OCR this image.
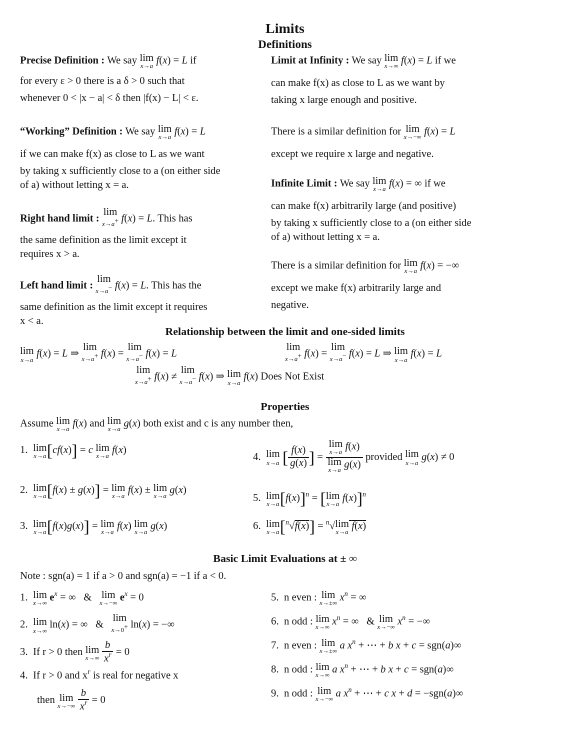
Limits
Definitions
Precise Definition : We say lim
x→a
f(x) = L if
for every ε > 0 there is a δ > 0 such that
whenever 0 < |x − a| < δ then |f(x) − L| < ε.
“Working” Definition : We say lim
x→a
f(x) = L
if we can make f(x) as close to L as we want
by taking x sufficiently close to a (on either side
of a) without letting x = a.
Right hand limit : lim
x→a+ f(x) = L. This has
the same definition as the limit except it
requires x > a.
Left hand limit : lim
x→a− f(x) = L. This has the
same definition as the limit except it requires
x < a.
Limit at Infinity : We say lim
x→∞
f(x) = L if we
can make f(x) as close to L as we want by
taking x large enough and positive.
There is a similar definition for lim
x→−∞
f(x) = L
except we require x large and negative.
Infinite Limit : We say lim
x→a
f(x) = ∞ if we
can make f(x) arbitrarily large (and positive)
by taking x sufficiently close to a (on either side
of a) without letting x = a.
There is a similar definition for lim
x→a
f(x) = −∞
except we make f(x) arbitrarily large and
negative.
Relationship between the limit and one-sided limits
lim
x→a
f(x) = L ⇒ lim
x→a+ f(x) = lim
x→a− f(x) = L
lim
x→a+ f(x) = lim
x→a− f(x) = L ⇒ lim
x→a
f(x) = L
lim
x→a+ f(x) ≠ lim
x→a− f(x) ⇒ lim
x→a
f(x) Does Not Exist
Properties
Assume lim
x→a
f(x) and lim
x→a
g(x) both exist and c is any number then,
1. lim
x→a [cf(x)] = c lim
x→a
f(x)
2. lim
x→a [f(x) ± g(x)] = lim
x→a
f(x) ± lim
x→a
g(x)
3. lim
x→a [f(x)g(x)] = lim
x→a
f(x) lim
x→a
g(x)
4. lim
x→a [ $\frac{f(x)}{g(x)}$ ] = lim
x→a
f(x)
lim
x→a
g(x) provided lim
x→a
g(x) ≠ 0
5. lim
x→a $[f(x)]^n = [\lim$
x→a
f(x)]$^n$
6. lim
x→a [$^n$√f(x)] = $^n$√lim
x→a
f(x)
Basic Limit Evaluations at ± ∞
Note : sgn(a) = 1 if a > 0 and sgn(a) = −1 if a < 0.
1. lim
x→∞
$e^x$ = ∞   & lim
x→−∞
$e^x = 0$
2. lim
x→∞
ln(x) = ∞   &   lim
x→0+ ln(x) = −∞
3. If r > 0 then lim
x→∞
$\frac{b}{x^r} = 0$
4. If r > 0 and $x^r$ is real for negative x
then lim
x→−∞
$\frac{b}{x^r} = 0$
5. n even : lim
x→±∞
$x^n$ = ∞
6. n odd : lim
x→∞
$x^n$ = ∞   & lim
x→−∞
$x^n$ = −∞
7. n even : lim
x→±∞
a $x^n$ + ⋯ + b x + c = sgn(a)∞
8. n odd : lim
x→∞
a $x^n$ + ⋯ + b x + c = sgn(a)∞
9. n odd : lim
x→−∞
a $x^n$ + ⋯ + c x + d = −sgn(a)∞
